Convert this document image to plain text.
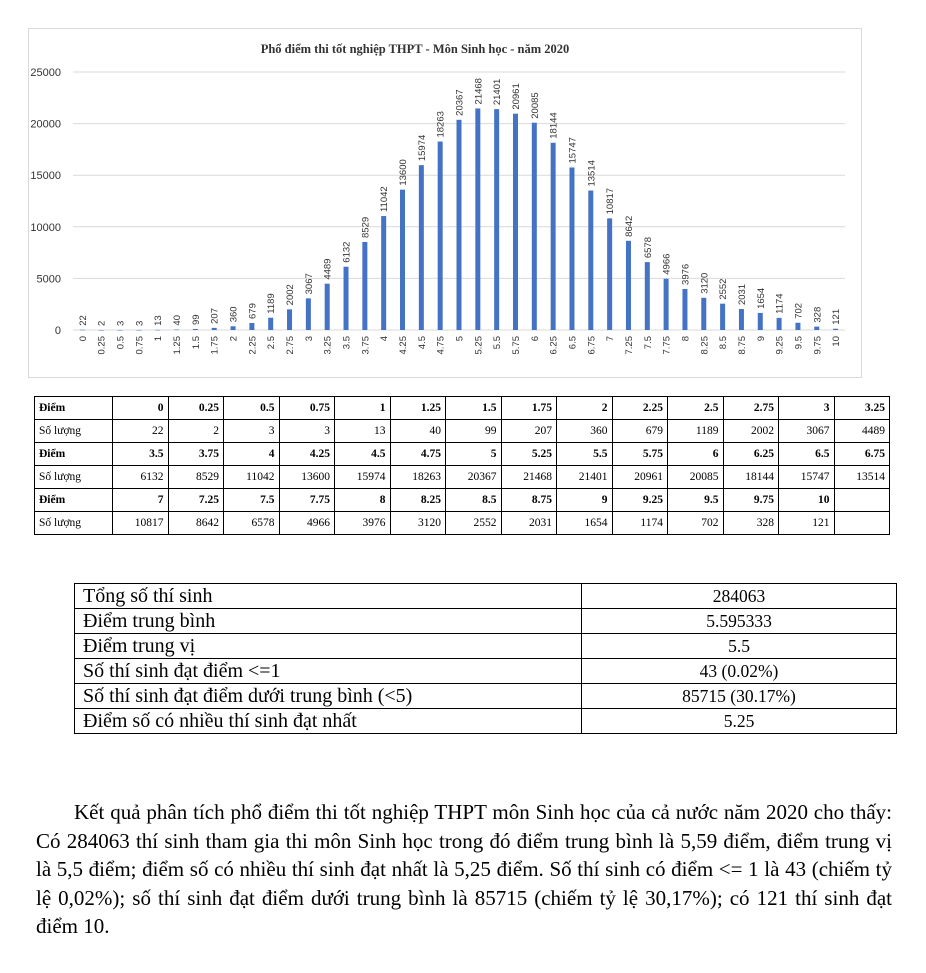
Phổ điểm thi tốt nghiệp THPT - Môn Sinh học - năm 2020
0
5000
10000
15000
20000
25000
22 2 3 3 13 40 99 207 360 679 1189 2002
3067
4489
6132
8529
11042
13600
15974
18263
20367 21468 21401 20961 20085
18144
15747
13514
10817
8642
6578
4966 3976 3120 2552 2031 1654 1174 702 328 121
0 0.25 0.5 0.75 1 1.25 1.5 1.75 2 2.25 2.5 2.75 3 3.25 3.5 3.75 4 4.25 4.5 4.75 5 5.25 5.5 5.75 6 6.25 6.5 6.75 7 7.25 7.5 7.75 8 8.25 8.5 8.75 9 9.25 9.5 9.75 10
Điểm	0	0.25	0.5	0.75	1	1.25	1.5	1.75	2	2.25	2.5	2.75	3	3.25
Số lượng	22	2	3	3	13	40	99	207	360	679	1189	2002	3067	4489
Điểm	3.5	3.75	4	4.25	4.5	4.75	5	5.25	5.5	5.75	6	6.25	6.5	6.75
Số lượng	6132	8529	11042	13600	15974	18263	20367	21468	21401	20961	20085	18144	15747	13514
Điểm	7	7.25	7.5	7.75	8	8.25	8.5	8.75	9	9.25	9.5	9.75	10	
Số lượng	10817	8642	6578	4966	3976	3120	2552	2031	1654	1174	702	328	121	
Tổng số thí sinh	284063
Điểm trung bình	5.595333
Điểm trung vị	5.5
Số thí sinh đạt điểm <=1	43 (0.02%)
Số thí sinh đạt điểm dưới trung bình (<5)	85715 (30.17%)
Điểm số có nhiều thí sinh đạt nhất	5.25

Kết quả phân tích phổ điểm thi tốt nghiệp THPT môn Sinh học của cả nước năm 2020 cho thấy: Có 284063 thí sinh tham gia thi môn Sinh học trong đó điểm trung bình là 5,59 điểm, điểm trung vị là 5,5 điểm; điểm số có nhiều thí sinh đạt nhất là 5,25 điểm. Số thí sinh có điểm <= 1 là 43 (chiếm tỷ lệ 0,02%); số thí sinh đạt điểm dưới trung bình là 85715 (chiếm tỷ lệ 30,17%); có 121 thí sinh đạt điểm 10.
